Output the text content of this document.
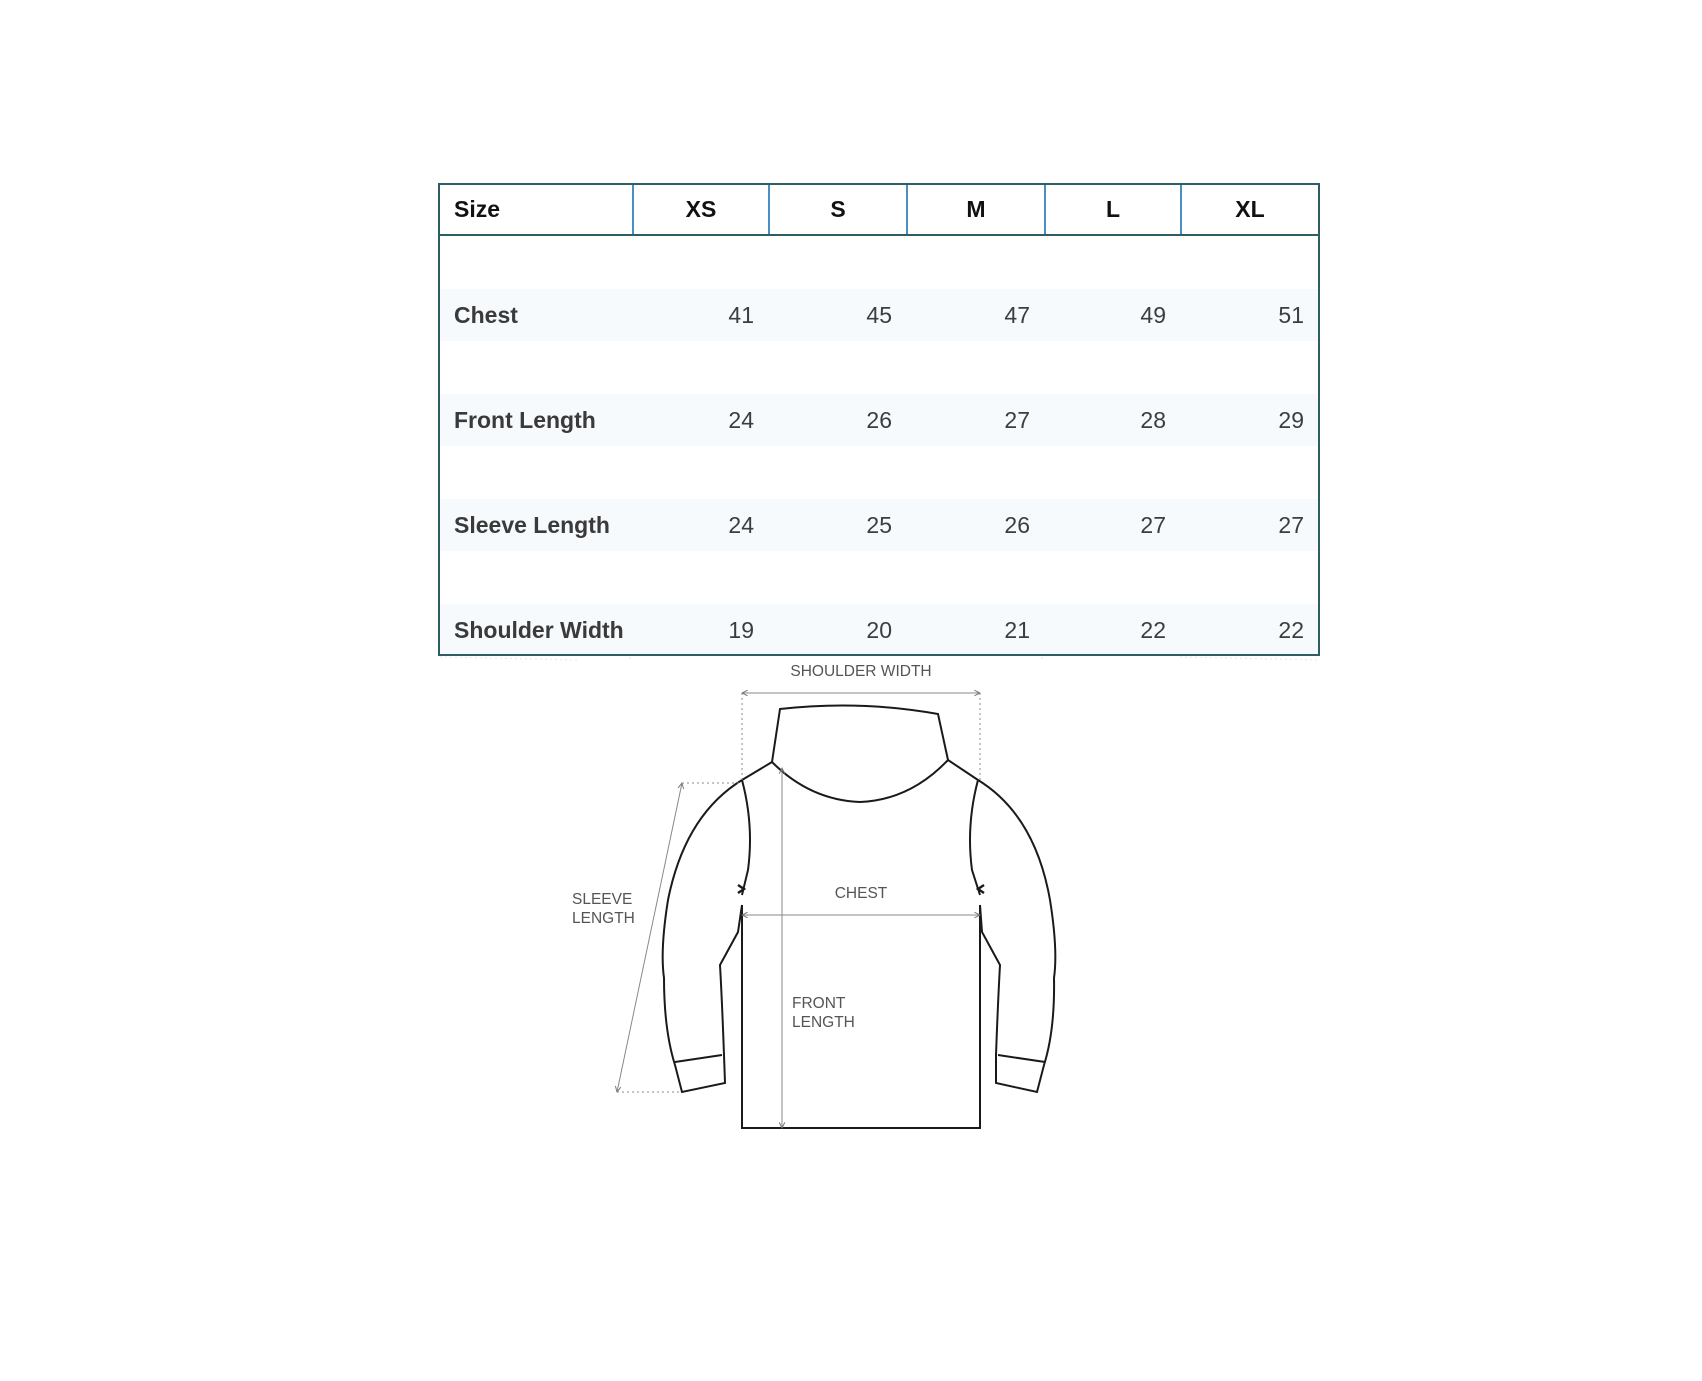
Size	XS	S	M	L	XL
Chest	41	45	47	49	51
Front Length	24	26	27	28	29
Sleeve Length	24	25	26	27	27
Shoulder Width	19	20	21	22	22
SHOULDER WIDTH
CHEST
SLEEVE
LENGTH
FRONT
LENGTH
